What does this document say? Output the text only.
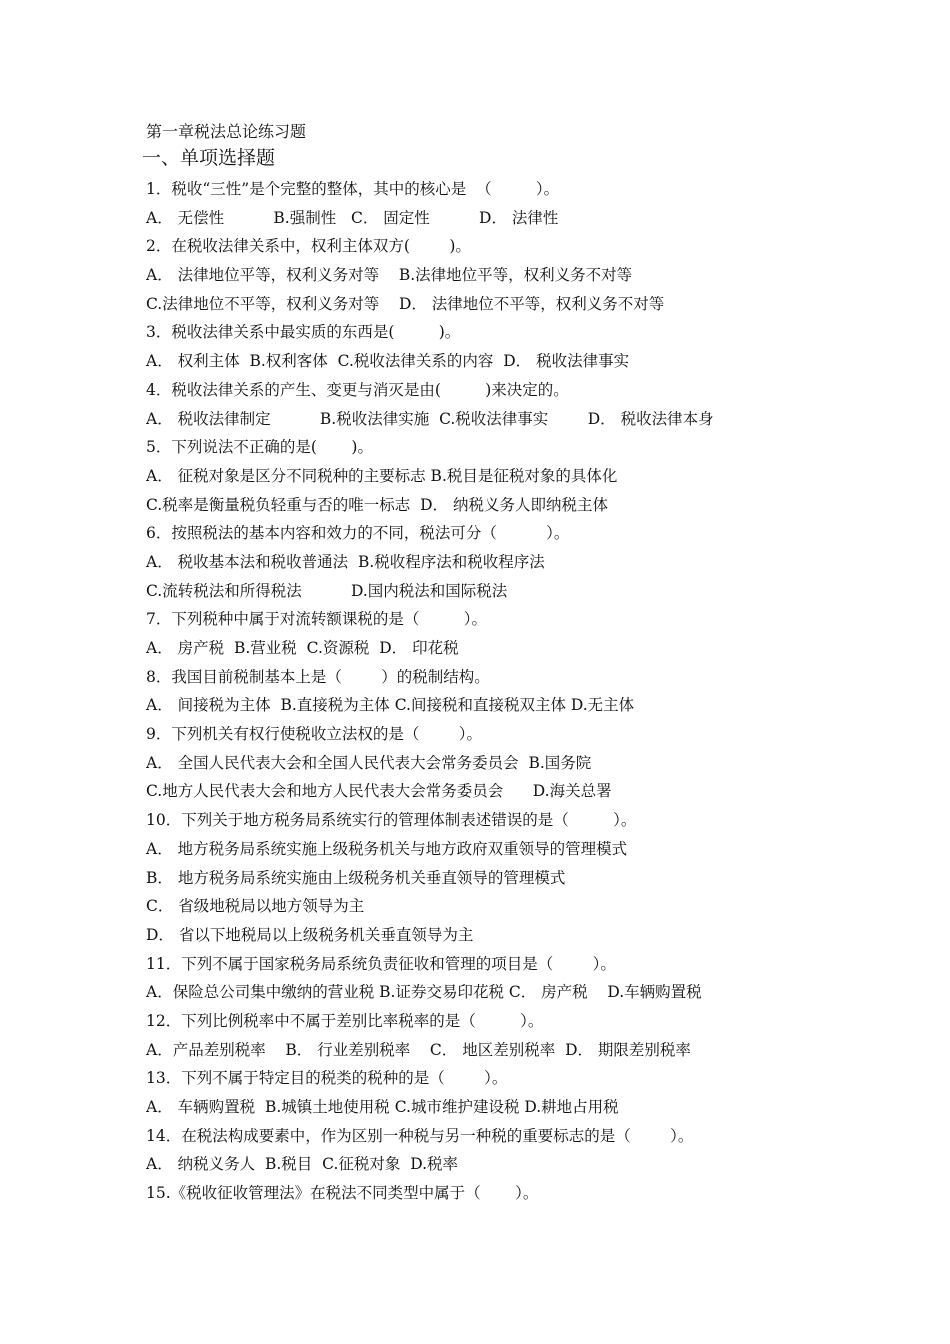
第一章税法总论练习题
一、单项选择题
1．税收“三性”是个完整的整体，其中的核心是  （         ）。
A． 无偿性          B.强制性   C． 固定性          D． 法律性
2．在税收法律关系中，权利主体双方(        )。
A． 法律地位平等，权利义务对等    B.法律地位平等，权利义务不对等
C.法律地位不平等，权利义务对等    D． 法律地位不平等，权利义务不对等
3．税收法律关系中最实质的东西是(         )。
A． 权利主体  B.权利客体  C.税收法律关系的内容  D． 税收法律事实
4．税收法律关系的产生、变更与消灭是由(         )来决定的。
A． 税收法律制定          B.税收法律实施  C.税收法律事实        D． 税收法律本身
5．下列说法不正确的是(       )。
A． 征税对象是区分不同税种的主要标志 B.税目是征税对象的具体化
C.税率是衡量税负轻重与否的唯一标志  D． 纳税义务人即纳税主体
6．按照税法的基本内容和效力的不同，税法可分（          ）。
A． 税收基本法和税收普通法  B.税收程序法和税收程序法
C.流转税法和所得税法          D.国内税法和国际税法
7．下列税种中属于对流转额课税的是（         ）。
A． 房产税  B.营业税  C.资源税  D． 印花税
8．我国目前税制基本上是（        ）的税制结构。
A． 间接税为主体  B.直接税为主体 C.间接税和直接税双主体 D.无主体
9．下列机关有权行使税收立法权的是（        ）。
A． 全国人民代表大会和全国人民代表大会常务委员会  B.国务院
C.地方人民代表大会和地方人民代表大会常务委员会      D.海关总署
10．下列关于地方税务局系统实行的管理体制表述错误的是（         ）。
A． 地方税务局系统实施上级税务机关与地方政府双重领导的管理模式
B． 地方税务局系统实施由上级税务机关垂直领导的管理模式
C． 省级地税局以地方领导为主
D． 省以下地税局以上级税务机关垂直领导为主
11．下列不属于国家税务局系统负责征收和管理的项目是（        ）。
A．保险总公司集中缴纳的营业税 B.证券交易印花税 C． 房产税    D.车辆购置税
12．下列比例税率中不属于差别比率税率的是（         ）。
A．产品差别税率    B． 行业差别税率    C． 地区差别税率  D． 期限差别税率
13．下列不属于特定目的税类的税种的是（        ）。
A． 车辆购置税  B.城镇土地使用税 C.城市维护建设税 D.耕地占用税
14．在税法构成要素中，作为区别一种税与另一种税的重要标志的是（        ）。
A． 纳税义务人  B.税目  C.征税对象  D.税率
15.《税收征收管理法》在税法不同类型中属于（       ）。
